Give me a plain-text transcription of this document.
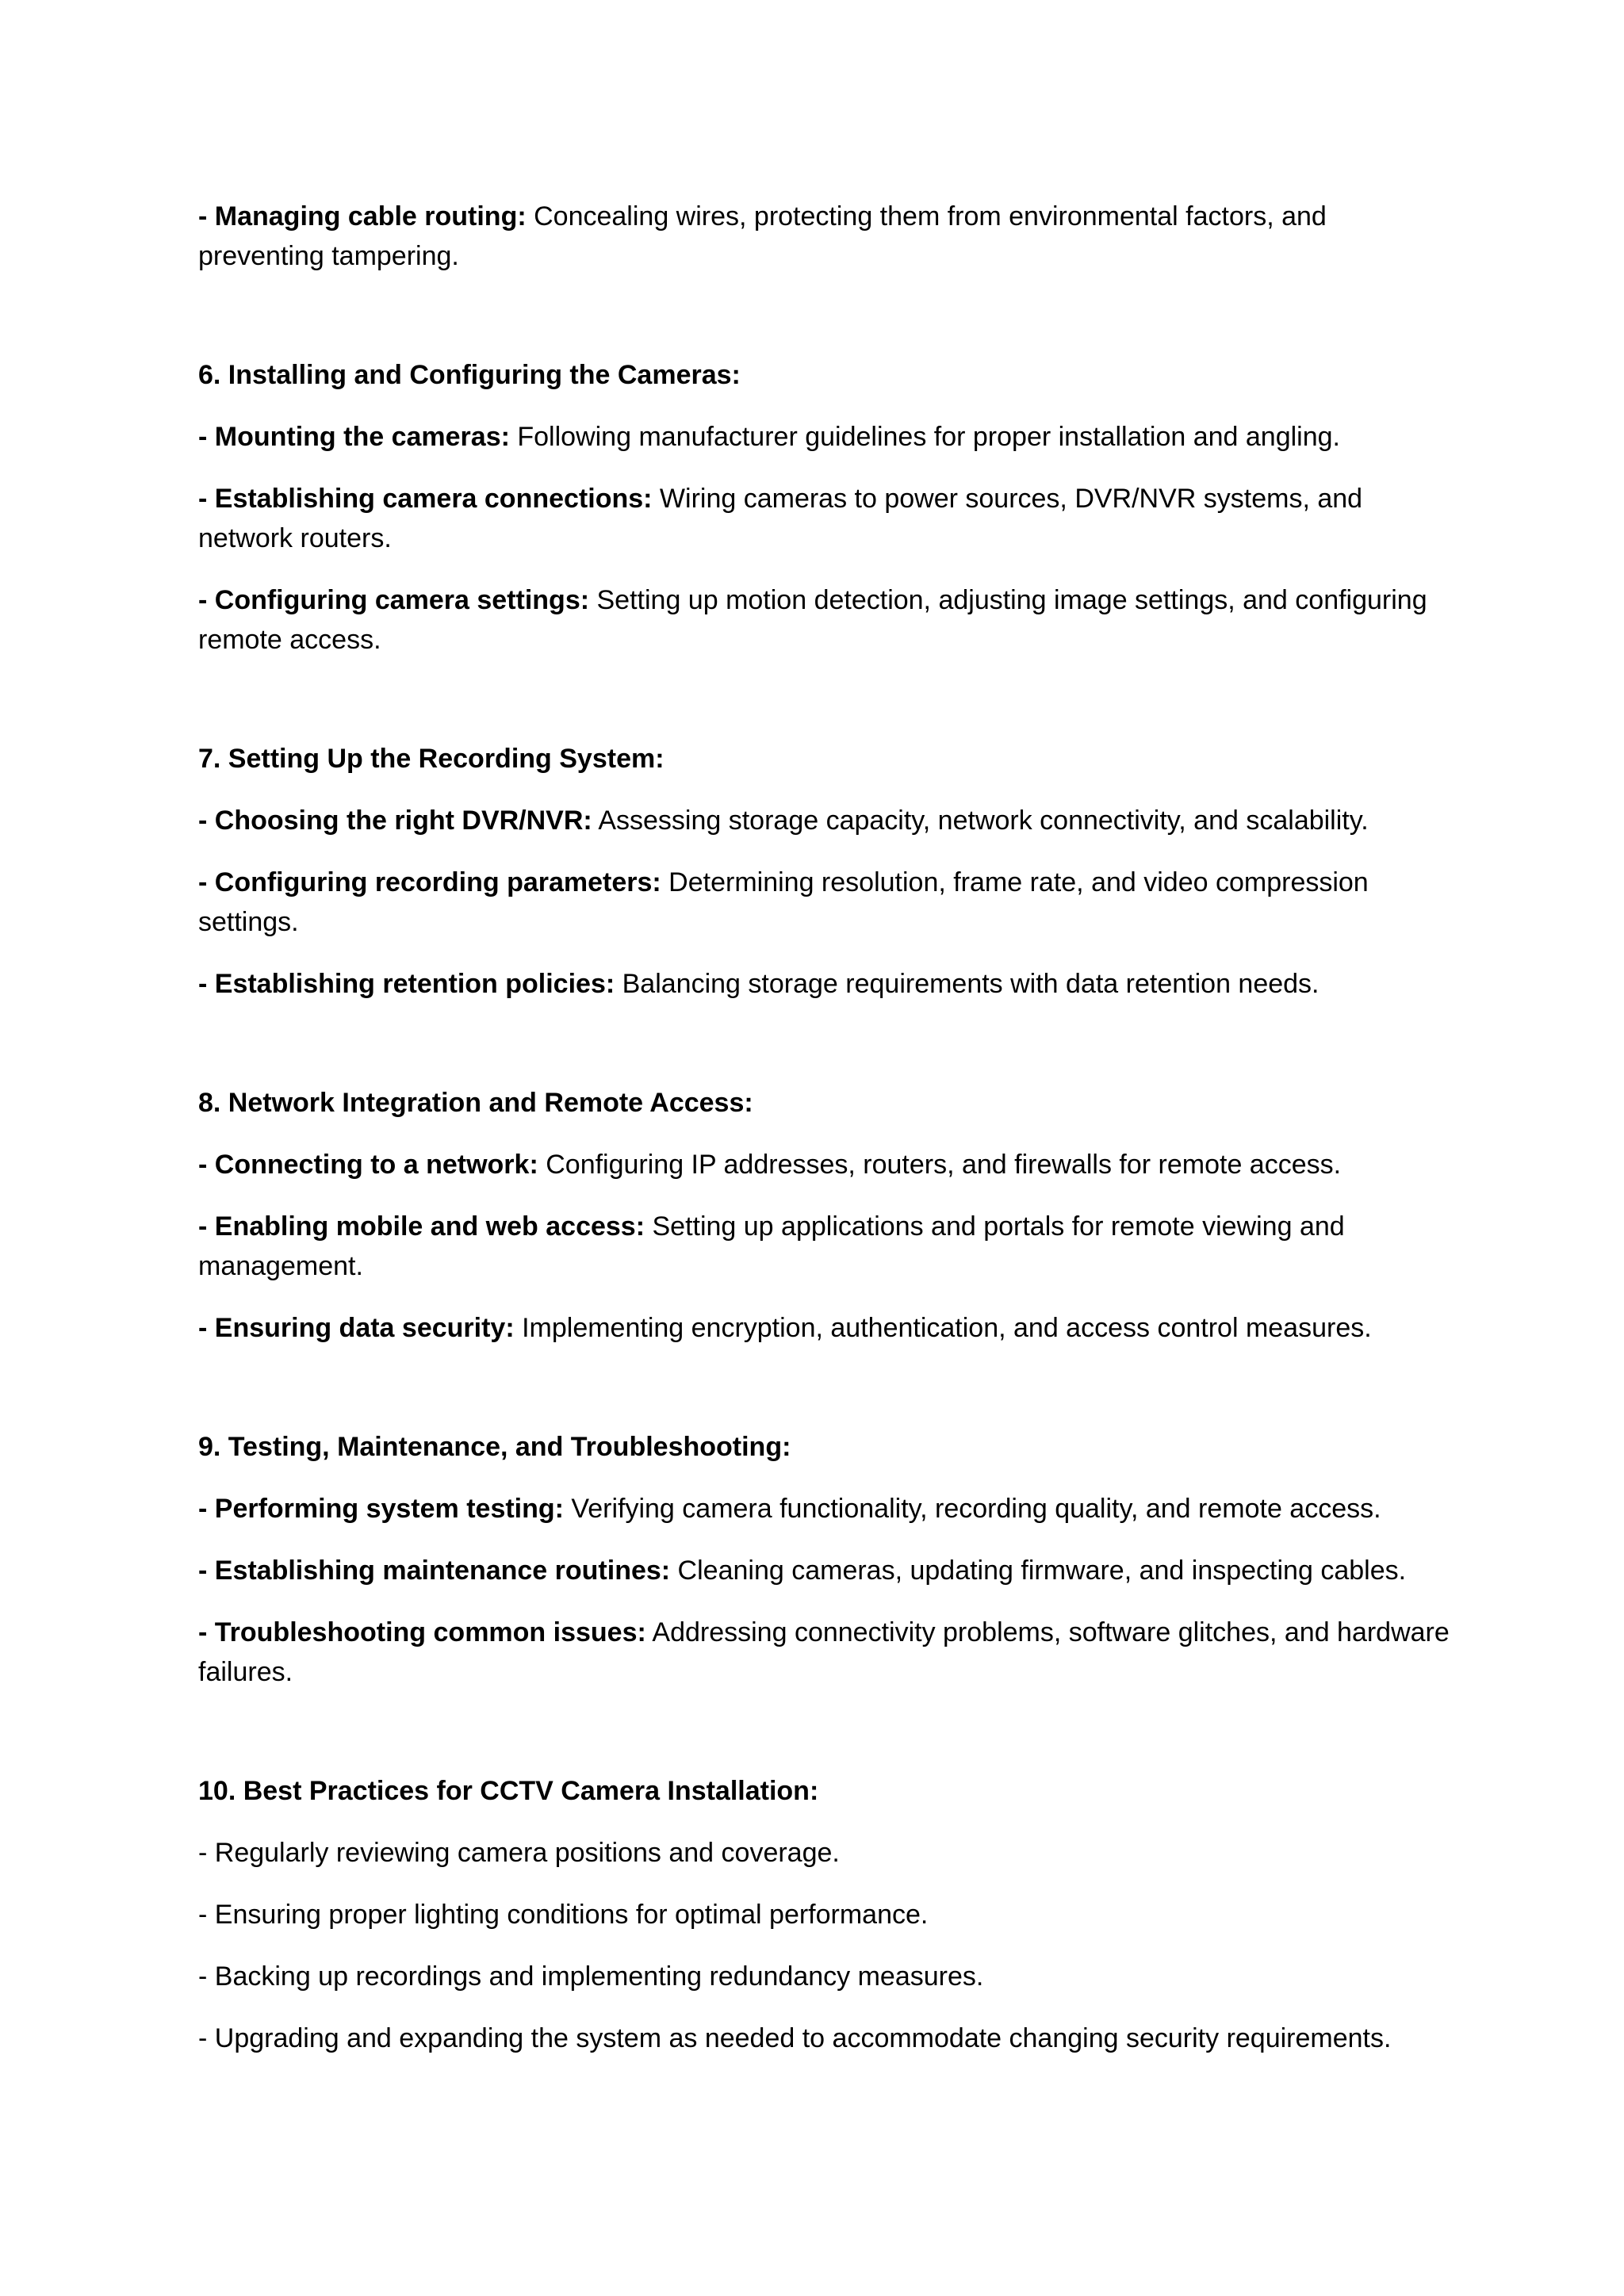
- Managing cable routing: Concealing wires, protecting them from environmental factors, and preventing tampering.

6. Installing and Configuring the Cameras:

- Mounting the cameras: Following manufacturer guidelines for proper installation and angling.

- Establishing camera connections: Wiring cameras to power sources, DVR/NVR systems, and network routers.

- Configuring camera settings: Setting up motion detection, adjusting image settings, and configuring remote access.

7. Setting Up the Recording System:

- Choosing the right DVR/NVR: Assessing storage capacity, network connectivity, and scalability.

- Configuring recording parameters: Determining resolution, frame rate, and video compression settings.

- Establishing retention policies: Balancing storage requirements with data retention needs.

8. Network Integration and Remote Access:

- Connecting to a network: Configuring IP addresses, routers, and firewalls for remote access.

- Enabling mobile and web access: Setting up applications and portals for remote viewing and management.

- Ensuring data security: Implementing encryption, authentication, and access control measures.

9. Testing, Maintenance, and Troubleshooting:

- Performing system testing: Verifying camera functionality, recording quality, and remote access.

- Establishing maintenance routines: Cleaning cameras, updating firmware, and inspecting cables.

- Troubleshooting common issues: Addressing connectivity problems, software glitches, and hardware failures.

10. Best Practices for CCTV Camera Installation:

- Regularly reviewing camera positions and coverage.

- Ensuring proper lighting conditions for optimal performance.

- Backing up recordings and implementing redundancy measures.

- Upgrading and expanding the system as needed to accommodate changing security requirements.
